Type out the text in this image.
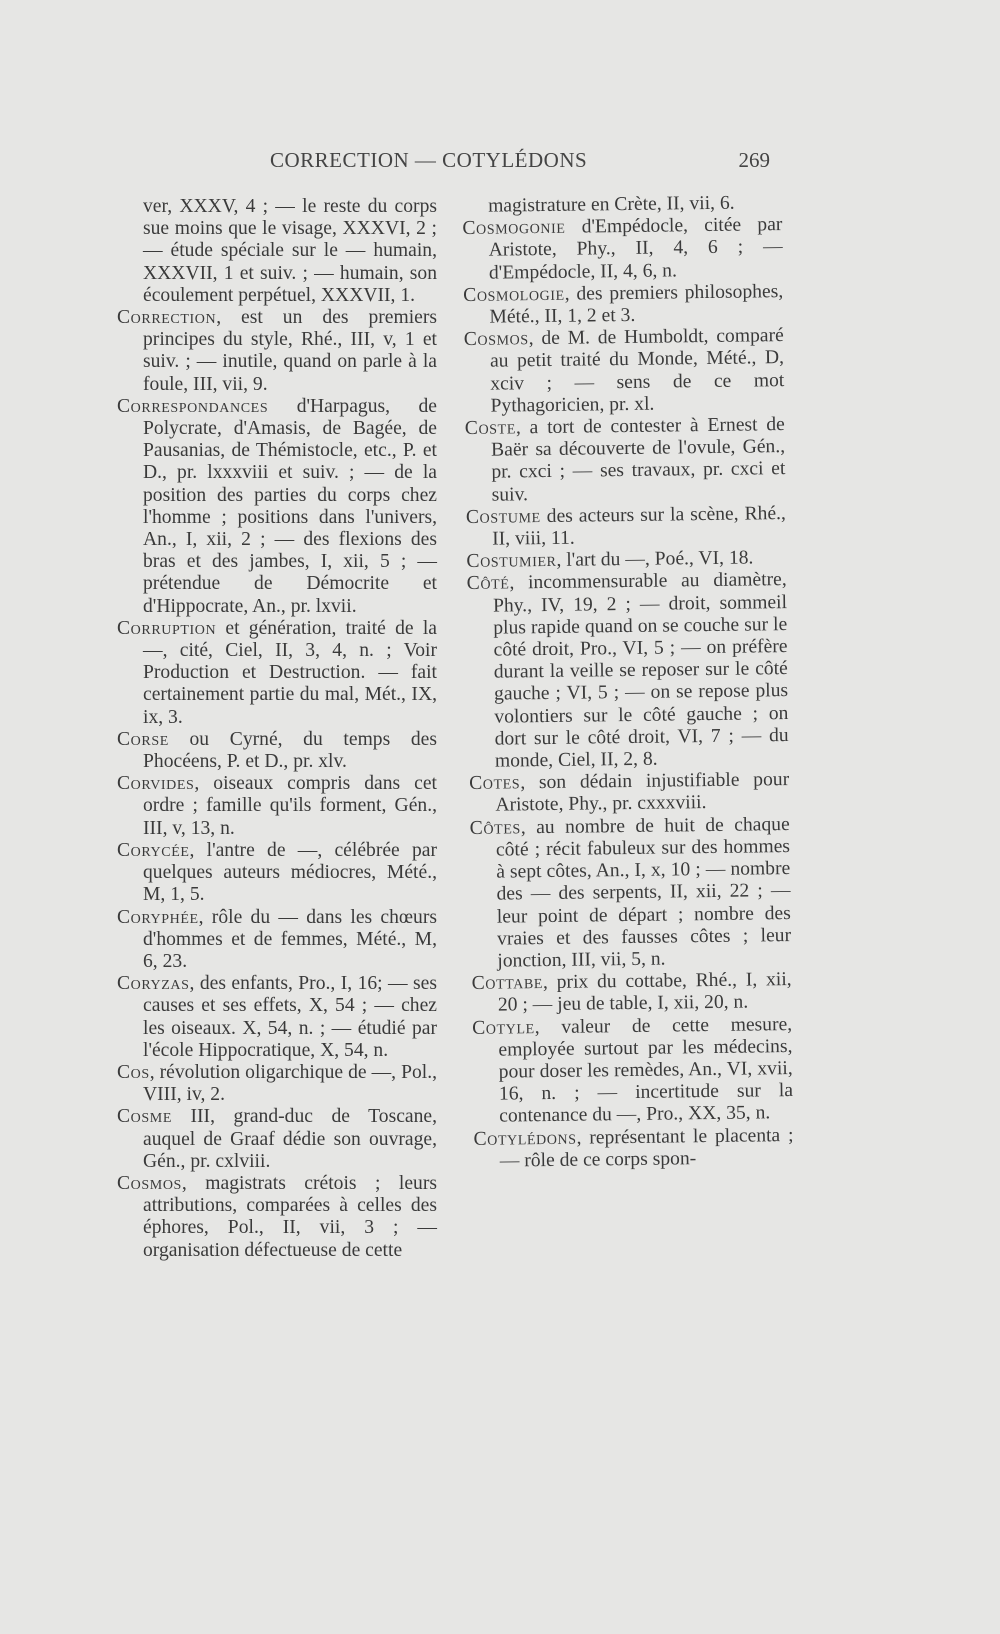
CORRECTION — COTYLÉDONS	269

ver, XXXV, 4 ; — le reste du corps sue moins que le visage, XXXVI, 2 ; — étude spéciale sur le — humain, XXXVII, 1 et suiv. ; — humain, son écoulement perpétuel, XXXVII, 1.

Correction, est un des premiers principes du style, Rhé., III, v, 1 et suiv. ; — inutile, quand on parle à la foule, III, vii, 9.

Correspondances d'Harpagus, de Polycrate, d'Amasis, de Bagée, de Pausanias, de Thémistocle, etc., P. et D., pr. lxxxviii et suiv. ; — de la position des parties du corps chez l'homme ; positions dans l'univers, An., I, xii, 2 ; — des flexions des bras et des jambes, I, xii, 5 ; — prétendue de Démocrite et d'Hippocrate, An., pr. lxvii.

Corruption et génération, traité de la —, cité, Ciel, II, 3, 4, n. ; Voir Production et Destruction. — fait certainement partie du mal, Mét., IX, ix, 3.

Corse ou Cyrné, du temps des Phocéens, P. et D., pr. xlv.

Corvides, oiseaux compris dans cet ordre ; famille qu'ils forment, Gén., III, v, 13, n.

Corycée, l'antre de —, célébrée par quelques auteurs médiocres, Mété., M, 1, 5.

Coryphée, rôle du — dans les chœurs d'hommes et de femmes, Mété., M, 6, 23.

Coryzas, des enfants, Pro., I, 16; — ses causes et ses effets, X, 54 ; — chez les oiseaux. X, 54, n. ; — étudié par l'école Hippocratique, X, 54, n.

Cos, révolution oligarchique de —, Pol., VIII, iv, 2.

Cosme III, grand-duc de Toscane, auquel de Graaf dédie son ouvrage, Gén., pr. cxlviii.

Cosmos, magistrats crétois ; leurs attributions, comparées à celles des éphores, Pol., II, vii, 3 ; — organisation défectueuse de cette

magistrature en Crète, II, vii, 6.

Cosmogonie d'Empédocle, citée par Aristote, Phy., II, 4, 6 ; — d'Empédocle, II, 4, 6, n.

Cosmologie, des premiers philosophes, Mété., II, 1, 2 et 3.

Cosmos, de M. de Humboldt, comparé au petit traité du Monde, Mété., D, xciv ; — sens de ce mot Pythagoricien, pr. xl.

Coste, a tort de contester à Ernest de Baër sa découverte de l'ovule, Gén., pr. cxci ; — ses travaux, pr. cxci et suiv.

Costume des acteurs sur la scène, Rhé., II, viii, 11.

Costumier, l'art du —, Poé., VI, 18.

Côté, incommensurable au diamètre, Phy., IV, 19, 2 ; — droit, sommeil plus rapide quand on se couche sur le côté droit, Pro., VI, 5 ; — on préfère durant la veille se reposer sur le côté gauche ; VI, 5 ; — on se repose plus volontiers sur le côté gauche ; on dort sur le côté droit, VI, 7 ; — du monde, Ciel, II, 2, 8.

Cotes, son dédain injustifiable pour Aristote, Phy., pr. cxxxviii.

Côtes, au nombre de huit de chaque côté ; récit fabuleux sur des hommes à sept côtes, An., I, x, 10 ; — nombre des — des serpents, II, xii, 22 ; — leur point de départ ; nombre des vraies et des fausses côtes ; leur jonction, III, vii, 5, n.

Cottabe, prix du cottabe, Rhé., I, xii, 20 ; — jeu de table, I, xii, 20, n.

Cotyle, valeur de cette mesure, employée surtout par les médecins, pour doser les remèdes, An., VI, xvii, 16, n. ; — incertitude sur la contenance du —, Pro., XX, 35, n.

Cotylédons, représentant le placenta ; — rôle de ce corps spon-
